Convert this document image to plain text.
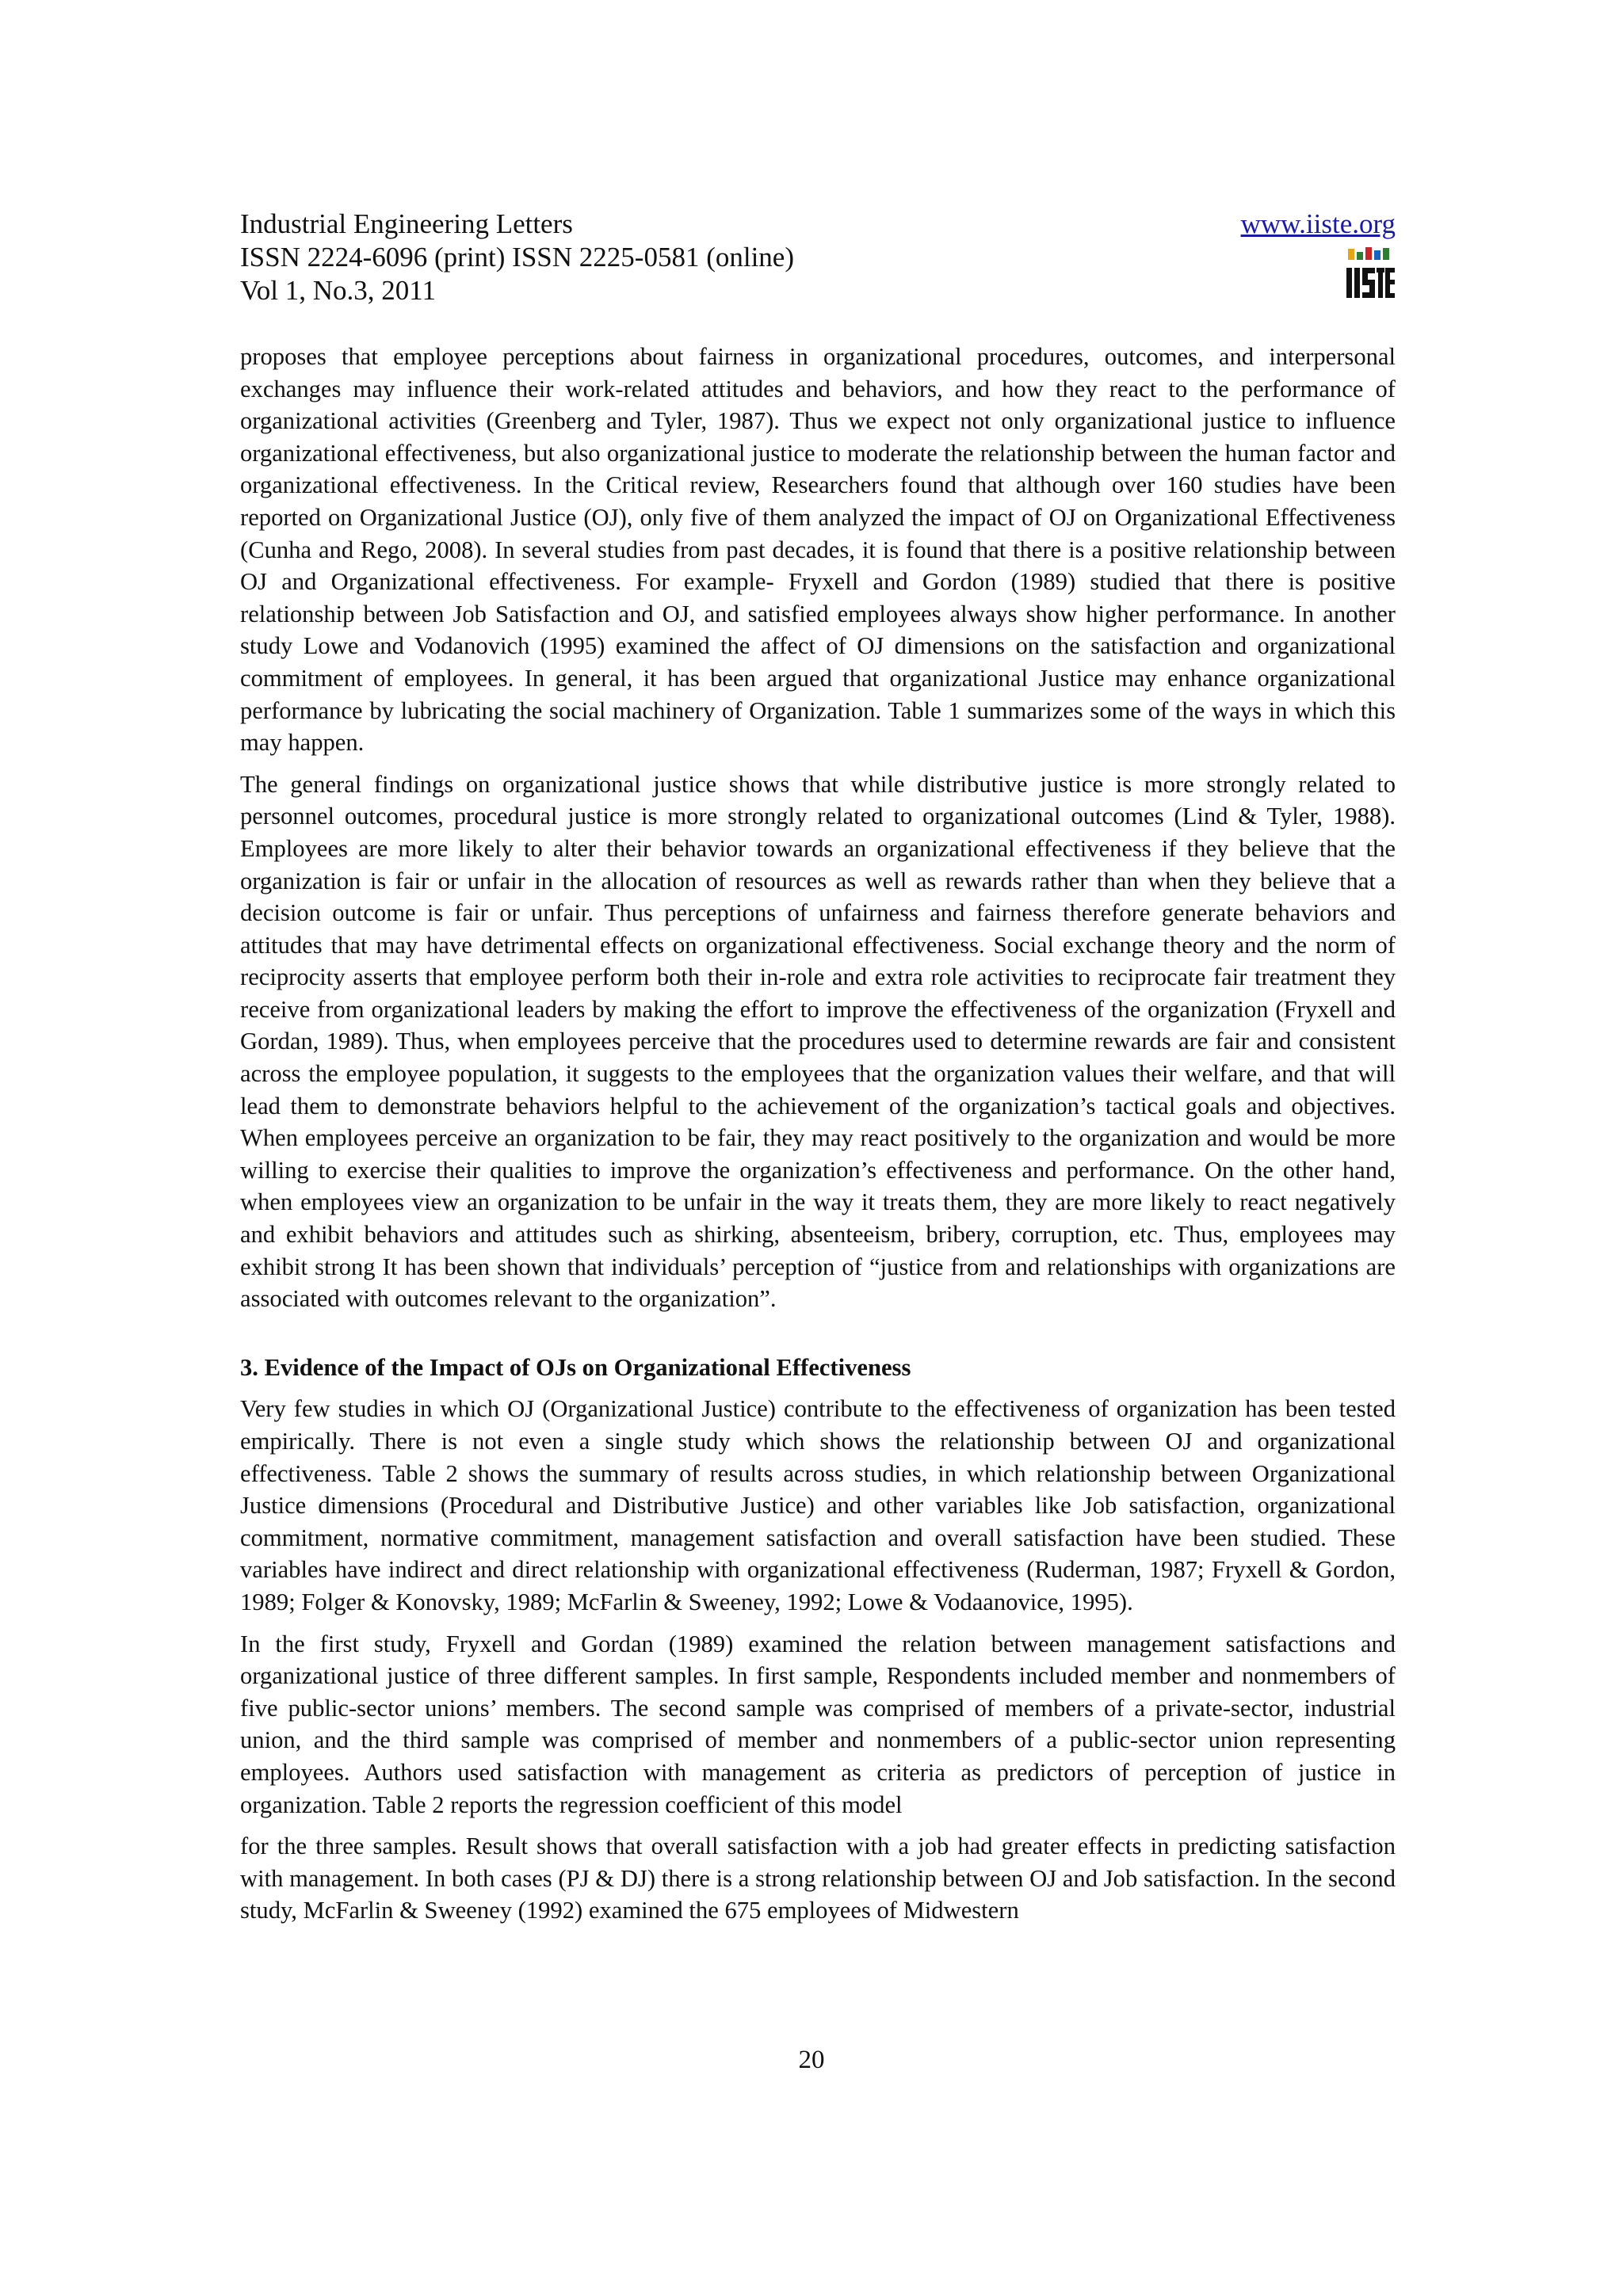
Industrial Engineering Letters
ISSN 2224-6096 (print) ISSN 2225-0581 (online)
Vol 1, No.3, 2011
www.iiste.org

proposes that employee perceptions about fairness in organizational procedures, outcomes, and interpersonal exchanges may influence their work-related attitudes and behaviors, and how they react to the performance of organizational activities (Greenberg and Tyler, 1987). Thus we expect not only organizational justice to influence organizational effectiveness, but also organizational justice to moderate the relationship between the human factor and organizational effectiveness. In the Critical review, Researchers found that although over 160 studies have been reported on Organizational Justice (OJ), only five of them analyzed the impact of OJ on Organizational Effectiveness (Cunha and Rego, 2008). In several studies from past decades, it is found that there is a positive relationship between OJ and Organizational effectiveness. For example- Fryxell and Gordon (1989) studied that there is positive relationship between Job Satisfaction and OJ, and satisfied employees always show higher performance. In another study Lowe and Vodanovich (1995) examined the affect of OJ dimensions on the satisfaction and organizational commitment of employees. In general, it has been argued that organizational Justice may enhance organizational performance by lubricating the social machinery of Organization. Table 1 summarizes some of the ways in which this may happen.

The general findings on organizational justice shows that while distributive justice is more strongly related to personnel outcomes, procedural justice is more strongly related to organizational outcomes (Lind & Tyler, 1988). Employees are more likely to alter their behavior towards an organizational effectiveness if they believe that the organization is fair or unfair in the allocation of resources as well as rewards rather than when they believe that a decision outcome is fair or unfair. Thus perceptions of unfairness and fairness therefore generate behaviors and attitudes that may have detrimental effects on organizational effectiveness. Social exchange theory and the norm of reciprocity asserts that employee perform both their in-role and extra role activities to reciprocate fair treatment they receive from organizational leaders by making the effort to improve the effectiveness of the organization (Fryxell and Gordan, 1989). Thus, when employees perceive that the procedures used to determine rewards are fair and consistent across the employee population, it suggests to the employees that the organization values their welfare, and that will lead them to demonstrate behaviors helpful to the achievement of the organization’s tactical goals and objectives. When employees perceive an organization to be fair, they may react positively to the organization and would be more willing to exercise their qualities to improve the organization’s effectiveness and performance. On the other hand, when employees view an organization to be unfair in the way it treats them, they are more likely to react negatively and exhibit behaviors and attitudes such as shirking, absenteeism, bribery, corruption, etc. Thus, employees may exhibit strong It has been shown that individuals’ perception of “justice from and relationships with organizations are associated with outcomes relevant to the organization”.

3. Evidence of the Impact of OJs on Organizational Effectiveness

Very few studies in which OJ (Organizational Justice) contribute to the effectiveness of organization has been tested empirically. There is not even a single study which shows the relationship between OJ and organizational effectiveness. Table 2 shows the summary of results across studies, in which relationship between Organizational Justice dimensions (Procedural and Distributive Justice) and other variables like Job satisfaction, organizational commitment, normative commitment, management satisfaction and overall satisfaction have been studied. These variables have indirect and direct relationship with organizational effectiveness (Ruderman, 1987; Fryxell & Gordon, 1989; Folger & Konovsky, 1989; McFarlin & Sweeney, 1992; Lowe & Vodaanovice, 1995).

In the first study, Fryxell and Gordan (1989) examined the relation between management satisfactions and organizational justice of three different samples. In first sample, Respondents included member and nonmembers of five public-sector unions’ members. The second sample was comprised of members of a private-sector, industrial union, and the third sample was comprised of member and nonmembers of a public-sector union representing employees. Authors used satisfaction with management as criteria as predictors of perception of justice in organization. Table 2 reports the regression coefficient of this model

for the three samples. Result shows that overall satisfaction with a job had greater effects in predicting satisfaction with management. In both cases (PJ & DJ) there is a strong relationship between OJ and Job satisfaction. In the second study, McFarlin & Sweeney (1992) examined the 675 employees of Midwestern

20
